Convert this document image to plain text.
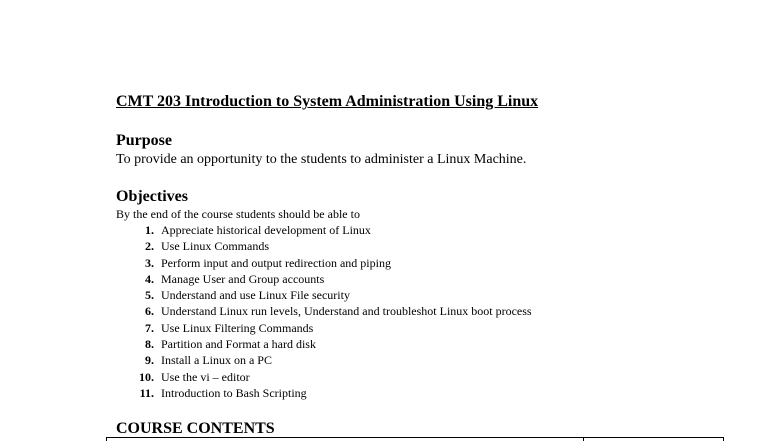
CMT 203 Introduction to System Administration Using Linux
Purpose

To provide an opportunity to the students to administer a Linux Machine.

Objectives

By the end of the course students should be able to

1. Appreciate historical development of Linux
2. Use Linux Commands
3. Perform input and output redirection and piping
4. Manage User and Group accounts
5. Understand and use Linux File security
6. Understand Linux run levels, Understand and troubleshot Linux boot process
7. Use Linux Filtering Commands
8. Partition and Format a hard disk
9. Install a Linux on a PC
10. Use the vi – editor
11. Introduction to Bash Scripting
COURSE CONTENTS
